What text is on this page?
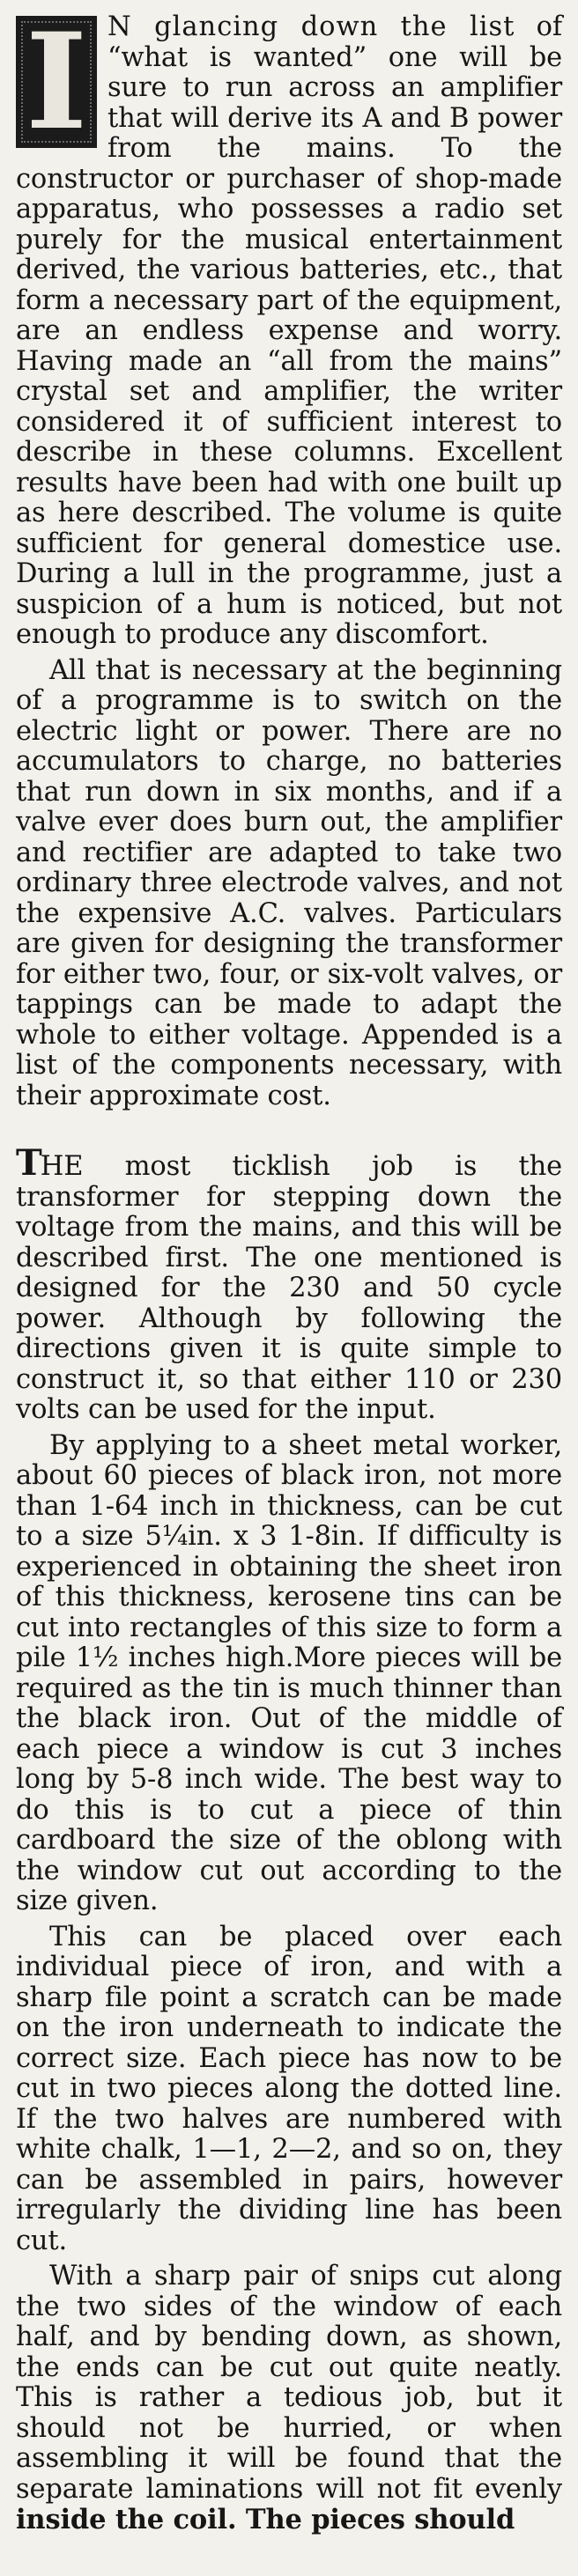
I N glancing down the list of “what is wanted” one will be sure to run across an amplifier that will derive its A and B power from the mains. To the constructor or purchaser of shop-made apparatus, who possesses a radio set purely for the musical entertainment derived, the various batteries, etc., that form a necessary part of the equipment, are an endless expense and worry. Having made an “all from the mains” crystal set and amplifier, the writer considered it of sufficient interest to describe in these columns. Excellent results have been had with one built up as here described. The volume is quite sufficient for general domestice use. During a lull in the programme, just a suspicion of a hum is noticed, but not enough to produce any discomfort.

All that is necessary at the beginning of a programme is to switch on the electric light or power. There are no accumulators to charge, no batteries that run down in six months, and if a valve ever does burn out, the amplifier and rectifier are adapted to take two ordinary three electrode valves, and not the expensive A.C. valves. Particulars are given for designing the transformer for either two, four, or six-volt valves, or tappings can be made to adapt the whole to either voltage. Appended is a list of the components necessary, with their approximate cost.

THE most ticklish job is the transformer for stepping down the voltage from the mains, and this will be described first. The one mentioned is designed for the 230 and 50 cycle power. Although by following the directions given it is quite simple to construct it, so that either 110 or 230 volts can be used for the input.

By applying to a sheet metal worker, about 60 pieces of black iron, not more than 1-64 inch in thickness, can be cut to a size 5¼in. x 3 1-8in. If difficulty is experienced in obtaining the sheet iron of this thickness, kerosene tins can be cut into rectangles of this size to form a pile 1½ inches high.More pieces will be required as the tin is much thinner than the black iron. Out of the middle of each piece a window is cut 3 inches long by 5-8 inch wide. The best way to do this is to cut a piece of thin cardboard the size of the oblong with the window cut out according to the size given.

This can be placed over each individual piece of iron, and with a sharp file point a scratch can be made on the iron underneath to indicate the correct size. Each piece has now to be cut in two pieces along the dotted line. If the two halves are numbered with white chalk, 1—1, 2—2, and so on, they can be assembled in pairs, however irregularly the dividing line has been cut.

With a sharp pair of snips cut along the two sides of the window of each half, and by bending down, as shown, the ends can be cut out quite neatly. This is rather a tedious job, but it should not be hurried, or when assembling it will be found that the separate laminations will not fit evenly inside the coil. The pieces should
